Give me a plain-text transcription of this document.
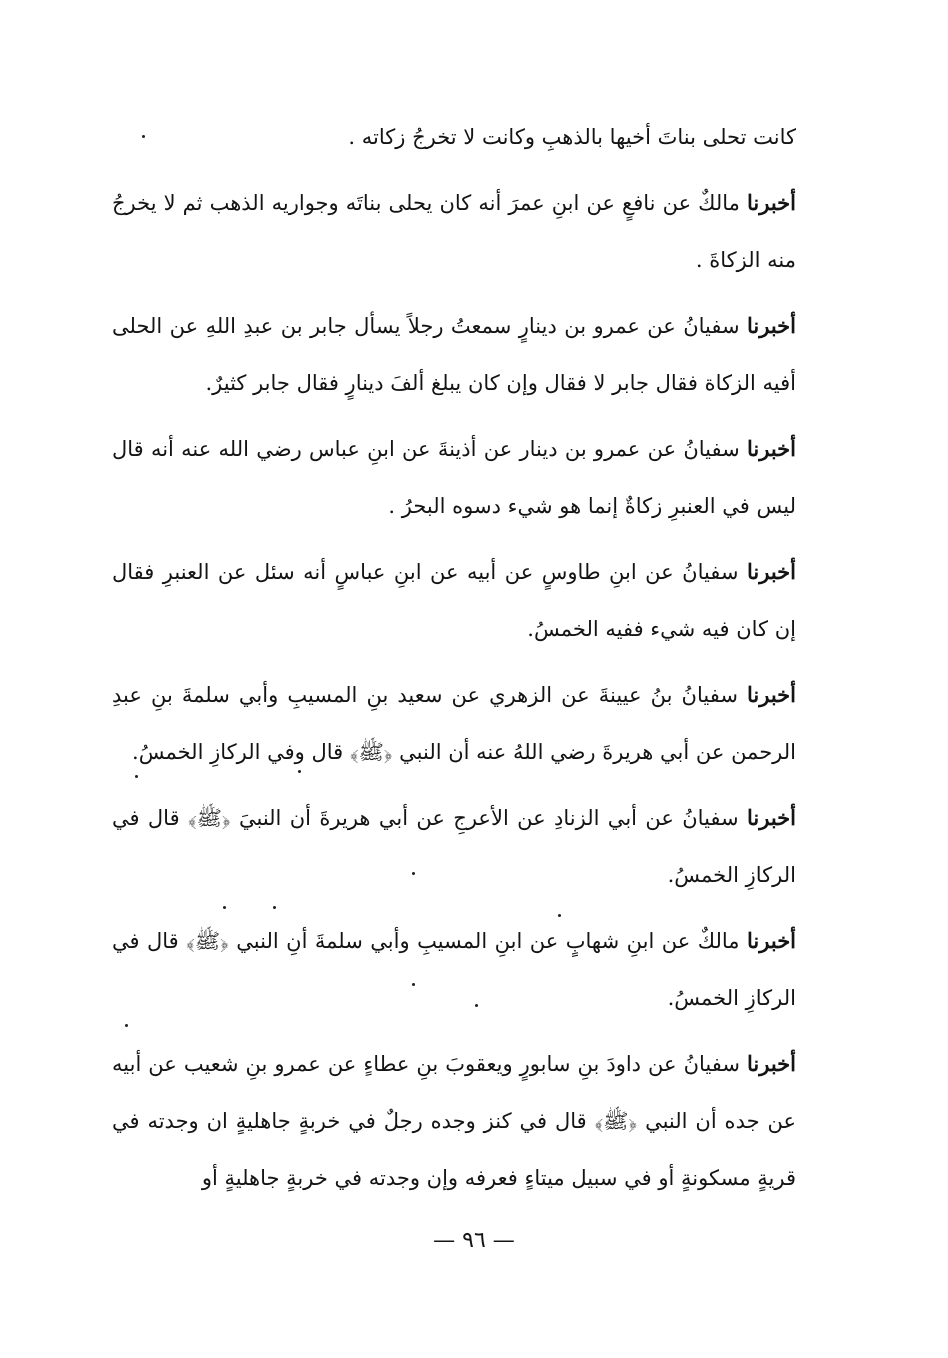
كانت تحلى بناتَ أخيها بالذهبِ وكانت لا تخرجُ زكاته .

أخبرنا مالكٌ عن نافعٍ عن ابنِ عمرَ أنه كان يحلى بناتَه وجواريه الذهب ثم لا يخرجُ منه الزكاةَ .

أخبرنا سفيانُ عن عمرو بن دينارٍ سمعتُ رجلاً يسأل جابر بن عبدِ اللهِ عن الحلى أفيه الزكاة فقال جابر لا فقال وإن كان يبلغ ألفَ دينارٍ فقال جابر كثيرٌ.

أخبرنا سفيانُ عن عمرو بن دينار عن أذينةَ عن ابنِ عباس رضي الله عنه أنه قال ليس في العنبرِ زكاةٌ إنما هو شيء دسوه البحرُ .

أخبرنا سفيانُ عن ابنِ طاوسٍ عن أبيه عن ابنِ عباسٍ أنه سئل عن العنبرِ فقال إن كان فيه شيء ففيه الخمسُ.

أخبرنا سفيانُ بنُ عيينةَ عن الزهري عن سعيد بنِ المسيبِ وأبي سلمةَ بنِ عبدِ الرحمن عن أبي هريرةَ رضي اللهُ عنه أن النبي ﴿ﷺ﴾ قال وفي الركازِ الخمسُ.

أخبرنا سفيانُ عن أبي الزنادِ عن الأعرجِ عن أبي هريرةَ أن النبيَ ﴿ﷺ﴾ قال في الركازِ الخمسُ.

أخبرنا مالكٌ عن ابنِ شهابٍ عن ابنِ المسيبِ وأبي سلمةَ أنِ النبي ﴿ﷺ﴾ قال في الركازِ الخمسُ.

أخبرنا سفيانُ عن داودَ بنِ سابورٍ ويعقوبَ بنِ عطاءٍ عن عمرو بنِ شعيب عن أبيه عن جده أن النبي ﴿ﷺ﴾ قال في كنز وجده رجلٌ في خربةٍ جاهليةٍ ان وجدته في قريةٍ مسكونةٍ أو في سبيل ميتاءٍ فعرفه وإن وجدته في خربةٍ جاهليةٍ أو

— ٩٦ —
